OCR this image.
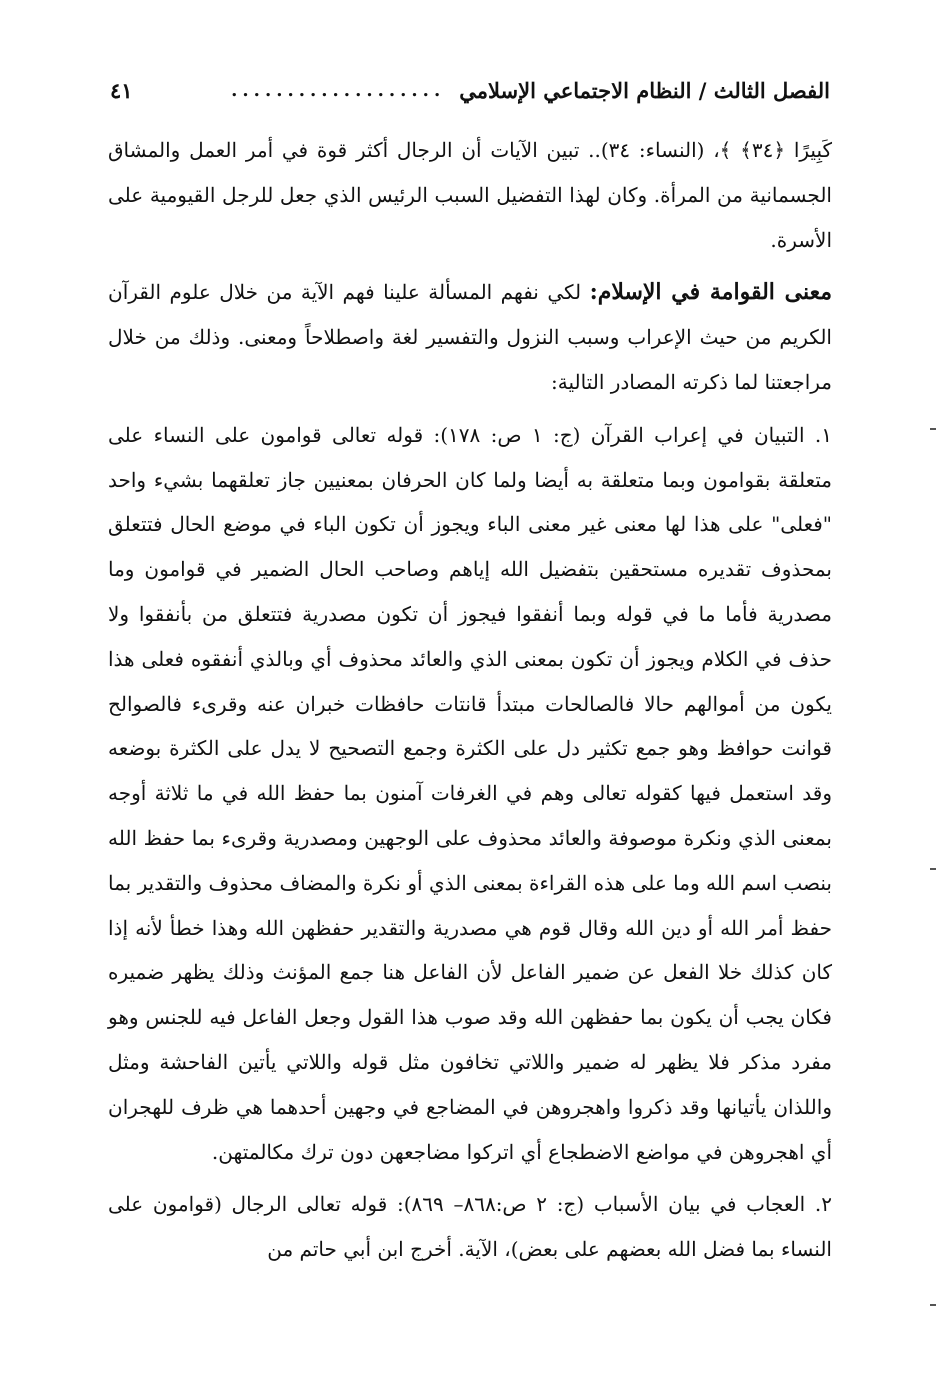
الفصل الثالث / النظام الاجتماعي الإسلامي
...................
٤١

كَبِيرًا ﴿٣٤﴾ ﴾، (النساء: ٣٤).. تبين الآيات أن الرجال أكثر قوة في أمر العمل والمشاق الجسمانية من المرأة. وكان لهذا التفضيل السبب الرئيس الذي جعل للرجل القيومية على الأسرة.

معنى القوامة في الإسلام: لكي نفهم المسألة علينا فهم الآية من خلال علوم القرآن الكريم من حيث الإعراب وسبب النزول والتفسير لغة واصطلاحاً ومعنى. وذلك من خلال مراجعتنا لما ذكرته المصادر التالية:

١. التبيان في إعراب القرآن (ج: ١ ص: ١٧٨): قوله تعالى قوامون على النساء على متعلقة بقوامون وبما متعلقة به أيضا ولما كان الحرفان بمعنيين جاز تعلقهما بشيء واحد "فعلى" على هذا لها معنى غير معنى الباء ويجوز أن تكون الباء في موضع الحال فتتعلق بمحذوف تقديره مستحقين بتفضيل الله إياهم وصاحب الحال الضمير في قوامون وما مصدرية فأما ما في قوله وبما أنفقوا فيجوز أن تكون مصدرية فتتعلق من بأنفقوا ولا حذف في الكلام ويجوز أن تكون بمعنى الذي والعائد محذوف أي وبالذي أنفقوه فعلى هذا يكون من أموالهم حالا فالصالحات مبتدأ قانتات حافظات خبران عنه وقرىء فالصوالح قوانت حوافظ وهو جمع تكثير دل على الكثرة وجمع التصحيح لا يدل على الكثرة بوضعه وقد استعمل فيها كقوله تعالى وهم في الغرفات آمنون بما حفظ الله في ما ثلاثة أوجه بمعنى الذي ونكرة موصوفة والعائد محذوف على الوجهين ومصدرية وقرىء بما حفظ الله بنصب اسم الله وما على هذه القراءة بمعنى الذي أو نكرة والمضاف محذوف والتقدير بما حفظ أمر الله أو دين الله وقال قوم هي مصدرية والتقدير حفظهن الله وهذا خطأ لأنه إذا كان كذلك خلا الفعل عن ضمير الفاعل لأن الفاعل هنا جمع المؤنث وذلك يظهر ضميره فكان يجب أن يكون بما حفظهن الله وقد صوب هذا القول وجعل الفاعل فيه للجنس وهو مفرد مذكر فلا يظهر له ضمير واللاتي تخافون مثل قوله واللاتي يأتين الفاحشة ومثل واللذان يأتيانها وقد ذكروا واهجروهن في المضاجع في وجهين أحدهما هي ظرف للهجران أي اهجروهن في مواضع الاضطجاع أي اتركوا مضاجعهن دون ترك مكالمتهن.

٢. العجاب في بيان الأسباب (ج: ٢ ص:٨٦٨– ٨٦٩): قوله تعالى الرجال (قوامون على النساء بما فضل الله بعضهم على بعض)، الآية. أخرج ابن أبي حاتم من
